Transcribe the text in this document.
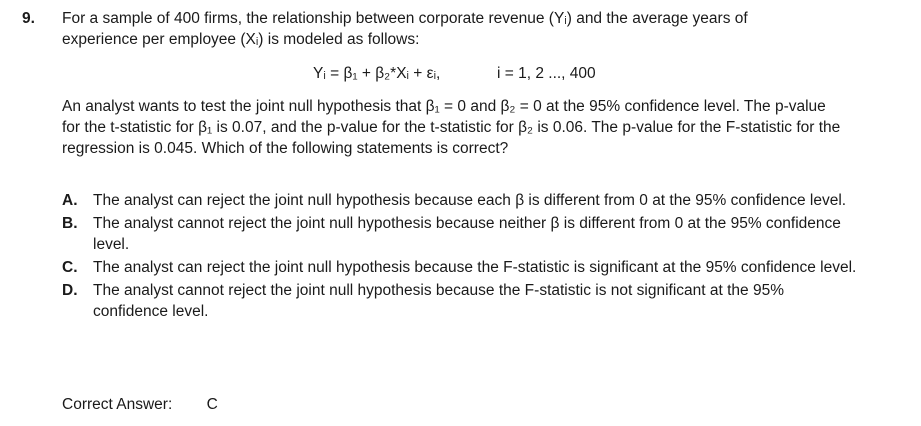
9. For a sample of 400 firms, the relationship between corporate revenue (Yᵢ) and the average years of experience per employee (Xᵢ) is modeled as follows:
Yᵢ = β₁ + β₂*Xᵢ + εᵢ,	i = 1, 2 ..., 400
An analyst wants to test the joint null hypothesis that β₁ = 0 and β₂ = 0 at the 95% confidence level. The p-value for the t-statistic for β₁ is 0.07, and the p-value for the t-statistic for β₂ is 0.06. The p-value for the F-statistic for the regression is 0.045. Which of the following statements is correct?
A. The analyst can reject the joint null hypothesis because each β is different from 0 at the 95% confidence level.
B. The analyst cannot reject the joint null hypothesis because neither β is different from 0 at the 95% confidence level.
C. The analyst can reject the joint null hypothesis because the F-statistic is significant at the 95% confidence level.
D. The analyst cannot reject the joint null hypothesis because the F-statistic is not significant at the 95% confidence level.
Correct Answer: C
